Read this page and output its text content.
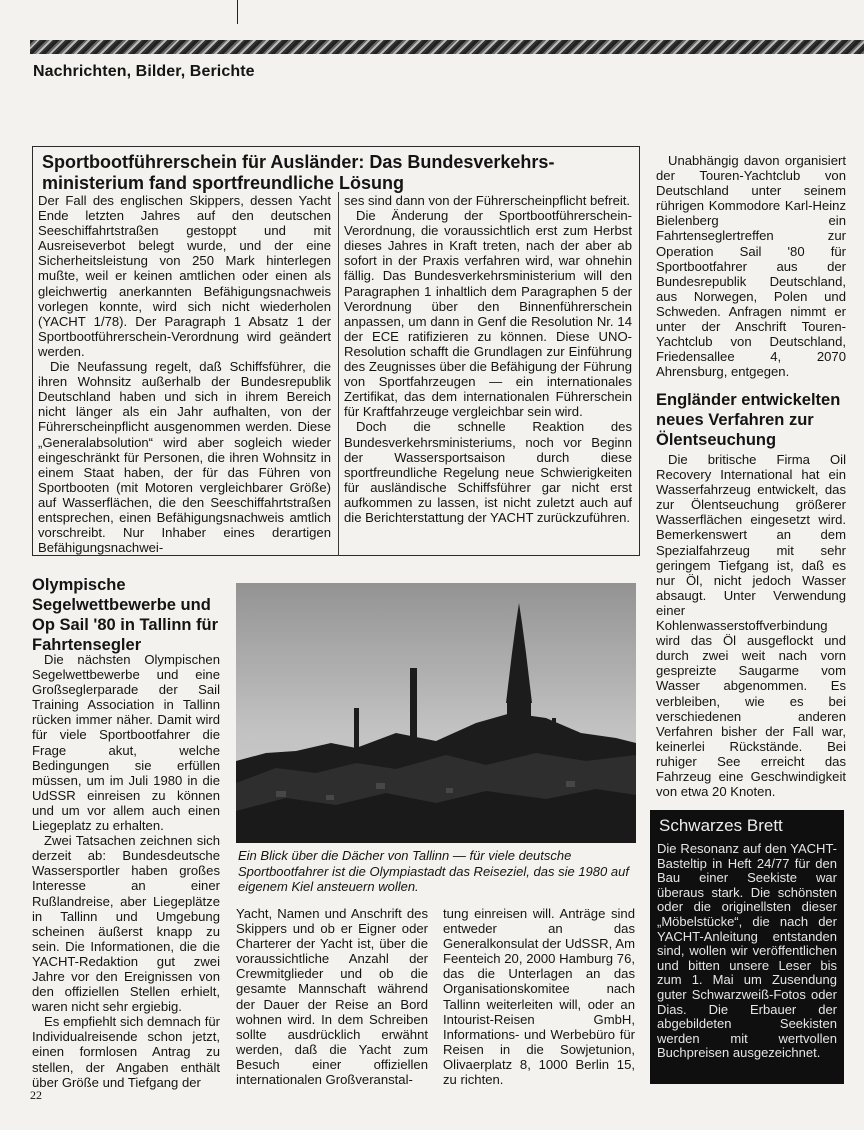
Nachrichten, Bilder, Berichte
Sportbootführerschein für Ausländer: Das Bundesverkehrsministerium fand sportfreundliche Lösung

Der Fall des englischen Skippers, dessen Yacht Ende letzten Jahres auf den deutschen Seeschiffahrtstraßen gestoppt und mit Ausreiseverbot belegt wurde, und der eine Sicherheitsleistung von 250 Mark hinterlegen mußte, weil er keinen amtlichen oder einen als gleichwertig anerkannten Befähigungsnachweis vorlegen konnte, wird sich nicht wiederholen (YACHT 1/78). Der Paragraph 1 Absatz 1 der Sportbootführerschein-Verordnung wird geändert werden.

Die Neufassung regelt, daß Schiffsführer, die ihren Wohnsitz außerhalb der Bundesrepublik Deutschland haben und sich in ihrem Bereich nicht länger als ein Jahr aufhalten, von der Führerscheinpflicht ausgenommen werden. Diese „Generalabsolution“ wird aber sogleich wieder eingeschränkt für Personen, die ihren Wohnsitz in einem Staat haben, der für das Führen von Sportbooten (mit Motoren vergleichbarer Größe) auf Wasserflächen, die den Seeschiffahrtstraßen entsprechen, einen Befähigungsnachweis amtlich vorschreibt. Nur Inhaber eines derartigen Befähigungsnachwei-

ses sind dann von der Führerscheinpflicht befreit.

Die Änderung der Sportbootführerschein-Verordnung, die voraussichtlich erst zum Herbst dieses Jahres in Kraft treten, nach der aber ab sofort in der Praxis verfahren wird, war ohnehin fällig. Das Bundesverkehrsministerium will den Paragraphen 1 inhaltlich dem Paragraphen 5 der Verordnung über den Binnenführerschein anpassen, um dann in Genf die Resolution Nr. 14 der ECE ratifizieren zu können. Diese UNO-Resolution schafft die Grundlagen zur Einführung des Zeugnisses über die Befähigung der Führung von Sportfahrzeugen — ein internationales Zertifikat, das dem internationalen Führerschein für Kraftfahrzeuge vergleichbar sein wird.

Doch die schnelle Reaktion des Bundesverkehrsministeriums, noch vor Beginn der Wassersportsaison durch diese sportfreundliche Regelung neue Schwierigkeiten für ausländische Schiffsführer gar nicht erst aufkommen zu lassen, ist nicht zuletzt auch auf die Berichterstattung der YACHT zurückzuführen.

Unabhängig davon organisiert der Touren-Yachtclub von Deutschland unter seinem rührigen Kommodore Karl-Heinz Bielenberg ein Fahrtenseglertreffen zur Operation Sail '80 für Sportbootfahrer aus der Bundesrepublik Deutschland, aus Norwegen, Polen und Schweden. Anfragen nimmt er unter der Anschrift Touren-Yachtclub von Deutschland, Friedensallee 4, 2070 Ahrensburg, entgegen.

Engländer entwickelten neues Verfahren zur Ölentseuchung

Die britische Firma Oil Recovery International hat ein Wasserfahrzeug entwickelt, das zur Ölentseuchung größerer Wasserflächen eingesetzt wird. Bemerkenswert an dem Spezialfahrzeug mit sehr geringem Tiefgang ist, daß es nur Öl, nicht jedoch Wasser absaugt. Unter Verwendung einer Kohlenwasserstoffverbindung wird das Öl ausgeflockt und durch zwei weit nach vorn gespreizte Saugarme vom Wasser abgenommen. Es verbleiben, wie es bei verschiedenen anderen Verfahren bisher der Fall war, keinerlei Rückstände. Bei ruhiger See erreicht das Fahrzeug eine Geschwindigkeit von etwa 20 Knoten.

Olympische Segelwettbewerbe und Op Sail '80 in Tallinn für Fahrtensegler

Die nächsten Olympischen Segelwettbewerbe und eine Großseglerparade der Sail Training Association in Tallinn rücken immer näher. Damit wird für viele Sportbootfahrer die Frage akut, welche Bedingungen sie erfüllen müssen, um im Juli 1980 in die UdSSR einreisen zu können und um vor allem auch einen Liegeplatz zu erhalten.

Zwei Tatsachen zeichnen sich derzeit ab: Bundesdeutsche Wassersportler haben großes Interesse an einer Rußlandreise, aber Liegeplätze in Tallinn und Umgebung scheinen äußerst knapp zu sein. Die Informationen, die die YACHT-Redaktion gut zwei Jahre vor den Ereignissen von den offiziellen Stellen erhielt, waren nicht sehr ergiebig.

Es empfiehlt sich demnach für Individualreisende schon jetzt, einen formlosen Antrag zu stellen, der Angaben enthält über Größe und Tiefgang der

Yacht, Namen und Anschrift des Skippers und ob er Eigner oder Charterer der Yacht ist, über die voraussichtliche Anzahl der Crewmitglieder und ob die gesamte Mannschaft während der Dauer der Reise an Bord wohnen wird. In dem Schreiben sollte ausdrücklich erwähnt werden, daß die Yacht zum Besuch einer offiziellen internationalen Großveranstal-

tung einreisen will. Anträge sind entweder an das Generalkonsulat der UdSSR, Am Feenteich 20, 2000 Hamburg 76, das die Unterlagen an das Organisationskomitee nach Tallinn weiterleiten will, oder an Intourist-Reisen GmbH, Informations- und Werbebüro für Reisen in die Sowjetunion, Olivaerplatz 8, 1000 Berlin 15, zu richten.

Ein Blick über die Dächer von Tallinn — für viele deutsche Sportbootfahrer ist die Olympiastadt das Reiseziel, das sie 1980 auf eigenem Kiel ansteuern wollen.
Schwarzes Brett
Die Resonanz auf den YACHT-Basteltip in Heft 24/77 für den Bau einer Seekiste war überaus stark. Die schönsten oder die originellsten dieser „Möbelstücke“, die nach der YACHT-Anleitung entstanden sind, wollen wir veröffentlichen und bitten unsere Leser bis zum 1. Mai um Zusendung guter Schwarzweiß-Fotos oder Dias. Die Erbauer der abgebildeten Seekisten werden mit wertvollen Buchpreisen ausgezeichnet.
22
